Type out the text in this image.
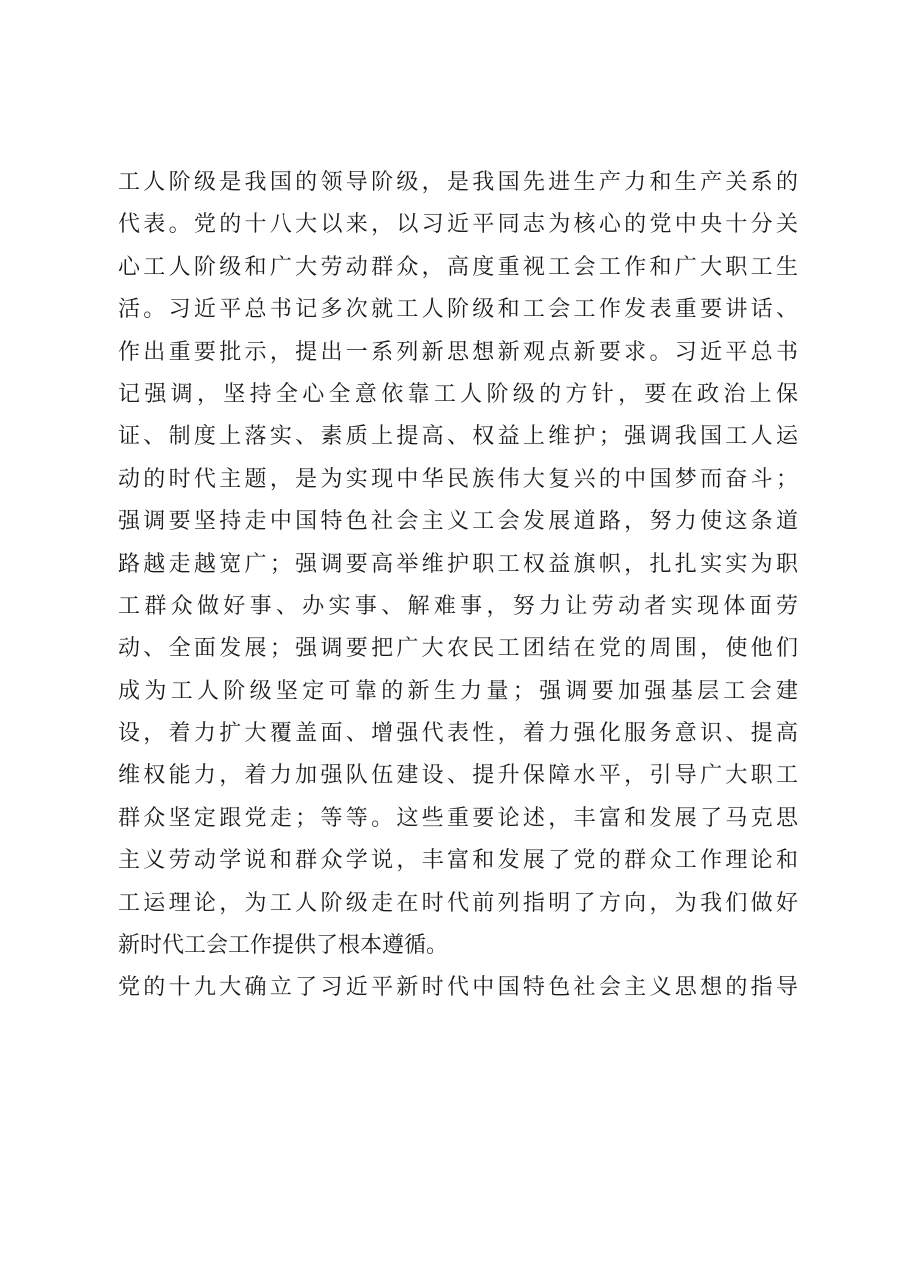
工人阶级是我国的领导阶级，是我国先进生产力和生产关系的
代表。党的十八大以来，以习近平同志为核心的党中央十分关
心工人阶级和广大劳动群众，高度重视工会工作和广大职工生
活。习近平总书记多次就工人阶级和工会工作发表重要讲话、
作出重要批示，提出一系列新思想新观点新要求。习近平总书
记强调，坚持全心全意依靠工人阶级的方针，要在政治上保
证、制度上落实、素质上提高、权益上维护；强调我国工人运
动的时代主题，是为实现中华民族伟大复兴的中国梦而奋斗；
强调要坚持走中国特色社会主义工会发展道路，努力使这条道
路越走越宽广；强调要高举维护职工权益旗帜，扎扎实实为职
工群众做好事、办实事、解难事，努力让劳动者实现体面劳
动、全面发展；强调要把广大农民工团结在党的周围，使他们
成为工人阶级坚定可靠的新生力量；强调要加强基层工会建
设，着力扩大覆盖面、增强代表性，着力强化服务意识、提高
维权能力，着力加强队伍建设、提升保障水平，引导广大职工
群众坚定跟党走；等等。这些重要论述，丰富和发展了马克思
主义劳动学说和群众学说，丰富和发展了党的群众工作理论和
工运理论，为工人阶级走在时代前列指明了方向，为我们做好
新时代工会工作提供了根本遵循。
党的十九大确立了习近平新时代中国特色社会主义思想的指导
